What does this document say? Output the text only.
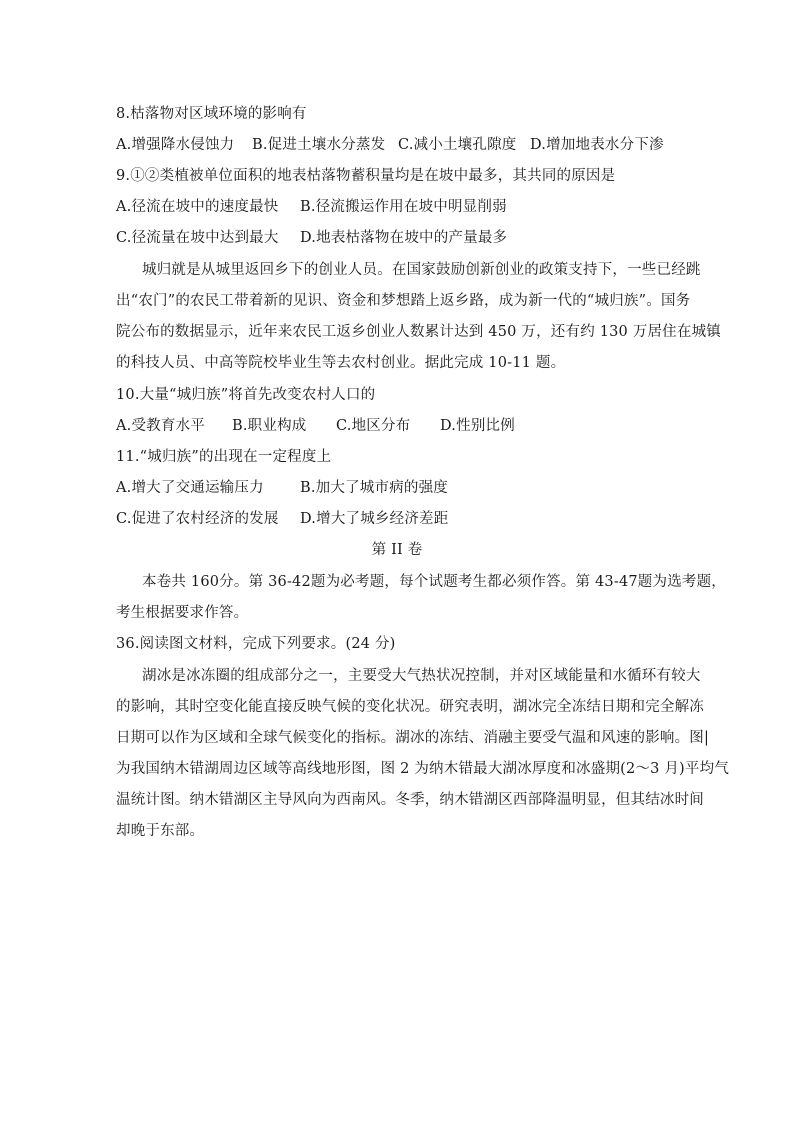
8.枯落物对区域环境的影响有
A.增强降水侵蚀力 B.促进土壤水分蒸发 C.减小土壤孔隙度 D.增加地表水分下渗
9.①②类植被单位面积的地表枯落物蓄积量均是在坡中最多，其共同的原因是
A.径流在坡中的速度最快 B.径流搬运作用在坡中明显削弱
C.径流量在坡中达到最大 D.地表枯落物在坡中的产量最多
城归就是从城里返回乡下的创业人员。在国家鼓励创新创业的政策支持下，一些已经跳
出“农门”的农民工带着新的见识、资金和梦想踏上返乡路，成为新一代的“城归族”。国务
院公布的数据显示，近年来农民工返乡创业人数累计达到 450 万，还有约 130 万居住在城镇
的科技人员、中高等院校毕业生等去农村创业。据此完成 10-11 题。
10.大量“城归族”将首先改变农村人口的
A.受教育水平 B.职业构成 C.地区分布 D.性别比例
11.“城归族”的出现在一定程度上
A.增大了交通运输压力 B.加大了城市病的强度
C.促进了农村经济的发展 D.增大了城乡经济差距
第 II 卷
本卷共 160分。第 36-42题为必考题，每个试题考生都必须作答。第 43-47题为选考题，
考生根据要求作答。
36.阅读图文材料，完成下列要求。(24 分)
湖冰是冰冻圈的组成部分之一，主要受大气热状况控制，并对区域能量和水循环有较大
的影响，其时空变化能直接反映气候的变化状况。研究表明，湖冰完全冻结日期和完全解冻
日期可以作为区域和全球气候变化的指标。湖冰的冻结、消融主要受气温和风速的影响。图|
为我国纳木错湖周边区域等高线地形图，图 2 为纳木错最大湖冰厚度和冰盛期(2～3 月)平均气
温统计图。纳木错湖区主导风向为西南风。冬季，纳木错湖区西部降温明显，但其结冰时间
却晚于东部。
